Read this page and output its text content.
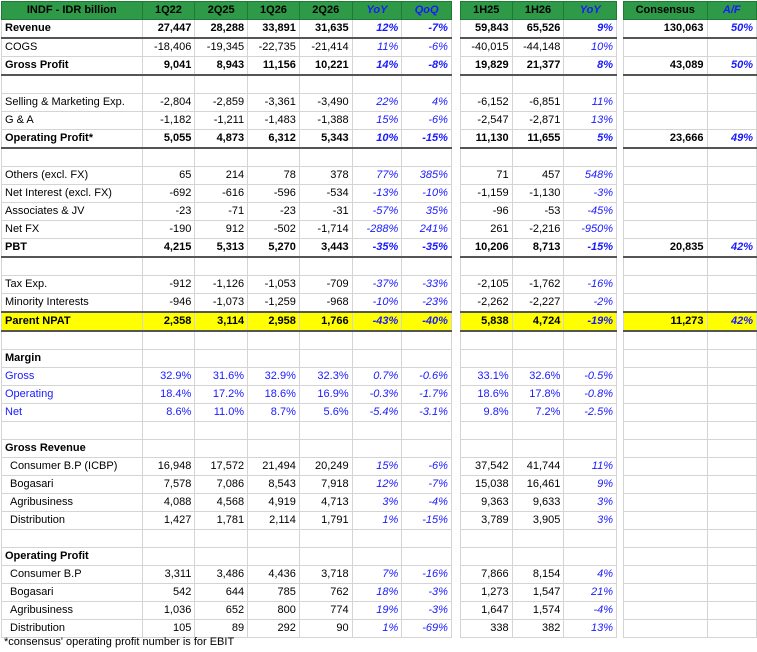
INDF - IDR billion	1Q22	2Q25	1Q26	2Q26	YoY	QoQ		1H25	1H26	YoY		Consensus	A/F
Revenue	27,447	28,288	33,891	31,635	12%	-7%		59,843	65,526	9%		130,063	50%
COGS	-18,406	-19,345	-22,735	-21,414	11%	-6%		-40,015	-44,148	10%			
Gross Profit	9,041	8,943	11,156	10,221	14%	-8%		19,829	21,377	8%		43,089	50%

Selling & Marketing Exp.	-2,804	-2,859	-3,361	-3,490	22%	4%		-6,152	-6,851	11%			
G & A	-1,182	-1,211	-1,483	-1,388	15%	-6%		-2,547	-2,871	13%			
Operating Profit*	5,055	4,873	6,312	5,343	10%	-15%		11,130	11,655	5%		23,666	49%

Others (excl. FX)	65	214	78	378	77%	385%		71	457	548%			
Net Interest (excl. FX)	-692	-616	-596	-534	-13%	-10%		-1,159	-1,130	-3%			
Associates & JV	-23	-71	-23	-31	-57%	35%		-96	-53	-45%			
Net FX	-190	912	-502	-1,714	-288%	241%		261	-2,216	-950%			
PBT	4,215	5,313	5,270	3,443	-35%	-35%		10,206	8,713	-15%		20,835	42%

Tax Exp.	-912	-1,126	-1,053	-709	-37%	-33%		-2,105	-1,762	-16%			
Minority Interests	-946	-1,073	-1,259	-968	-10%	-23%		-2,262	-2,227	-2%			
Parent NPAT	2,358	3,114	2,958	1,766	-43%	-40%		5,838	4,724	-19%		11,273	42%

Margin													
Gross	32.9%	31.6%	32.9%	32.3%	0.7%	-0.6%		33.1%	32.6%	-0.5%			
Operating	18.4%	17.2%	18.6%	16.9%	-0.3%	-1.7%		18.6%	17.8%	-0.8%			
Net	8.6%	11.0%	8.7%	5.6%	-5.4%	-3.1%		9.8%	7.2%	-2.5%			

Gross Revenue													
Consumer B.P (ICBP)	16,948	17,572	21,494	20,249	15%	-6%		37,542	41,744	11%			
Bogasari	7,578	7,086	8,543	7,918	12%	-7%		15,038	16,461	9%			
Agribusiness	4,088	4,568	4,919	4,713	3%	-4%		9,363	9,633	3%			
Distribution	1,427	1,781	2,114	1,791	1%	-15%		3,789	3,905	3%			

Operating Profit													
Consumer B.P	3,311	3,486	4,436	3,718	7%	-16%		7,866	8,154	4%			
Bogasari	542	644	785	762	18%	-3%		1,273	1,547	21%			
Agribusiness	1,036	652	800	774	19%	-3%		1,647	1,574	-4%			
Distribution	105	89	292	90	1%	-69%		338	382	13%			
*consensus' operating profit number is for EBIT
